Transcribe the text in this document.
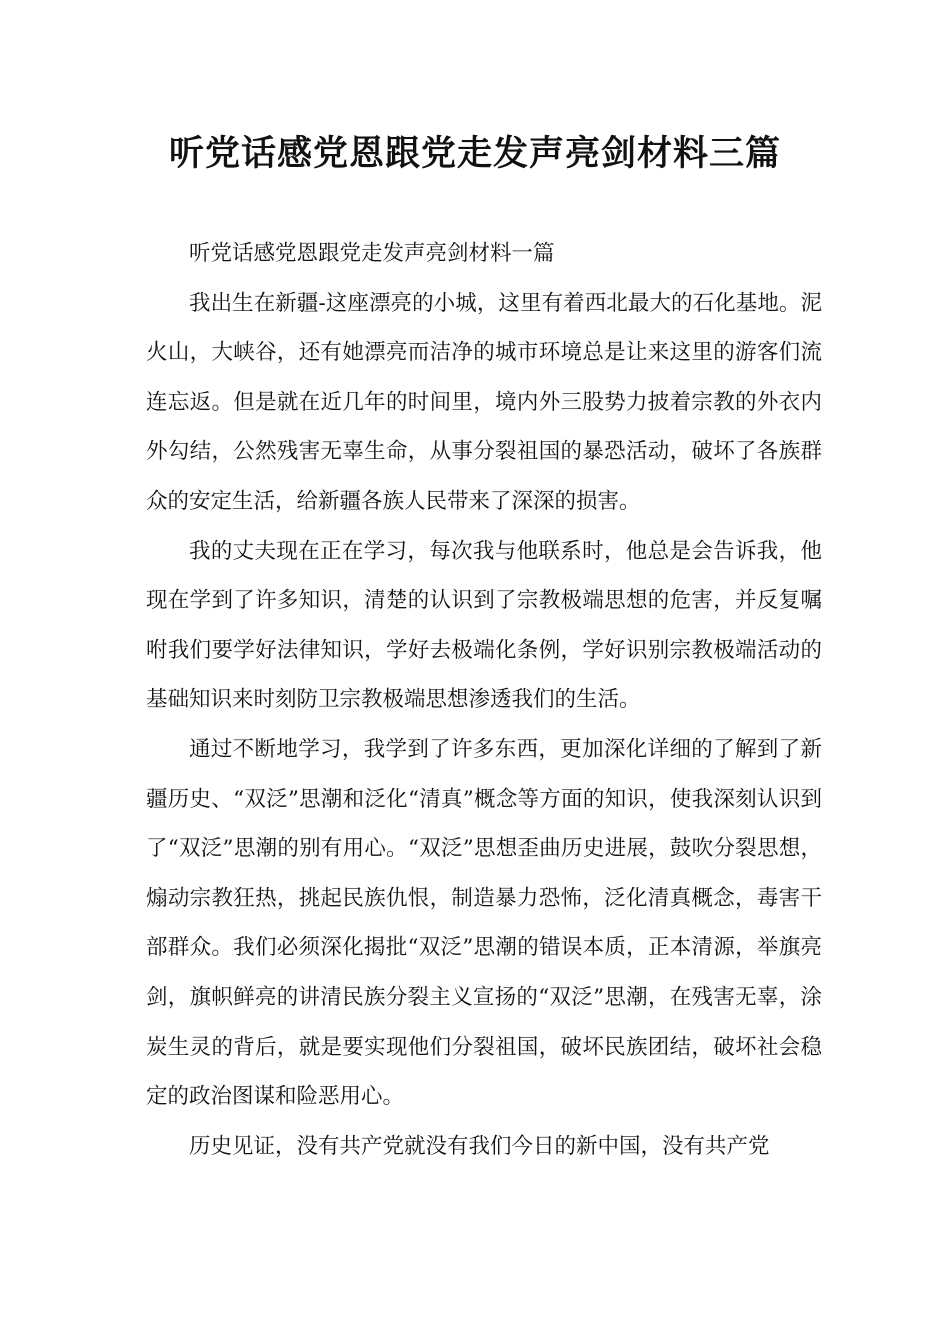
听党话感党恩跟党走发声亮剑材料三篇

听党话感党恩跟党走发声亮剑材料一篇

我出生在新疆-这座漂亮的小城，这里有着西北最大的石化基地。泥火山，大峡谷，还有她漂亮而洁净的城市环境总是让来这里的游客们流连忘返。但是就在近几年的时间里，境内外三股势力披着宗教的外衣内外勾结，公然残害无辜生命，从事分裂祖国的暴恐活动，破坏了各族群众的安定生活，给新疆各族人民带来了深深的损害。

我的丈夫现在正在学习，每次我与他联系时，他总是会告诉我，他现在学到了许多知识，清楚的认识到了宗教极端思想的危害，并反复嘱咐我们要学好法律知识，学好去极端化条例，学好识别宗教极端活动的基础知识来时刻防卫宗教极端思想渗透我们的生活。

通过不断地学习，我学到了许多东西，更加深化详细的了解到了新疆历史、“双泛”思潮和泛化“清真”概念等方面的知识，使我深刻认识到了“双泛”思潮的别有用心。“双泛”思想歪曲历史进展，鼓吹分裂思想，煽动宗教狂热，挑起民族仇恨，制造暴力恐怖，泛化清真概念，毒害干部群众。我们必须深化揭批“双泛”思潮的错误本质，正本清源，举旗亮剑，旗帜鲜亮的讲清民族分裂主义宣扬的“双泛”思潮，在残害无辜，涂炭生灵的背后，就是要实现他们分裂祖国，破坏民族团结，破坏社会稳定的政治图谋和险恶用心。

历史见证，没有共产党就没有我们今日的新中国，没有共产党
